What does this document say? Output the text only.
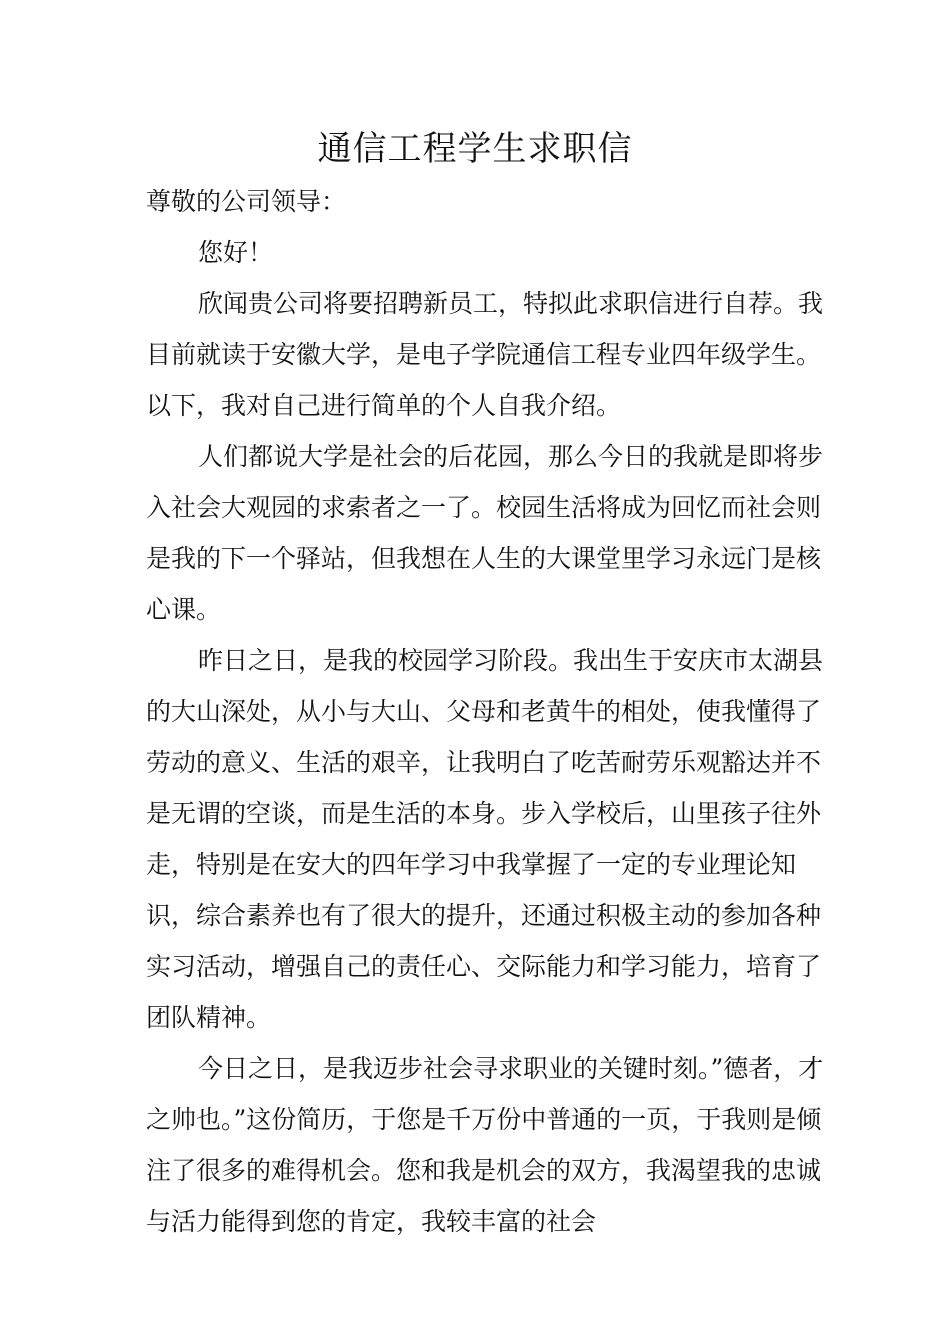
通信工程学生求职信

尊敬的公司领导：

您好！

欣闻贵公司将要招聘新员工，特拟此求职信进行自荐。我目前就读于安徽大学，是电子学院通信工程专业四年级学生。以下，我对自己进行简单的个人自我介绍。

人们都说大学是社会的后花园，那么今日的我就是即将步入社会大观园的求索者之一了。校园生活将成为回忆而社会则是我的下一个驿站，但我想在人生的大课堂里学习永远门是核心课。

昨日之日，是我的校园学习阶段。我出生于安庆市太湖县的大山深处，从小与大山、父母和老黄牛的相处，使我懂得了劳动的意义、生活的艰辛，让我明白了吃苦耐劳乐观豁达并不是无谓的空谈，而是生活的本身。步入学校后，山里孩子往外走，特别是在安大的四年学习中我掌握了一定的专业理论知识，综合素养也有了很大的提升，还通过积极主动的参加各种实习活动，增强自己的责任心、交际能力和学习能力，培育了团队精神。

今日之日，是我迈步社会寻求职业的关键时刻。”德者，才之帅也。”这份简历，于您是千万份中普通的一页，于我则是倾注了很多的难得机会。您和我是机会的双方，我渴望我的忠诚与活力能得到您的肯定，我较丰富的社会
